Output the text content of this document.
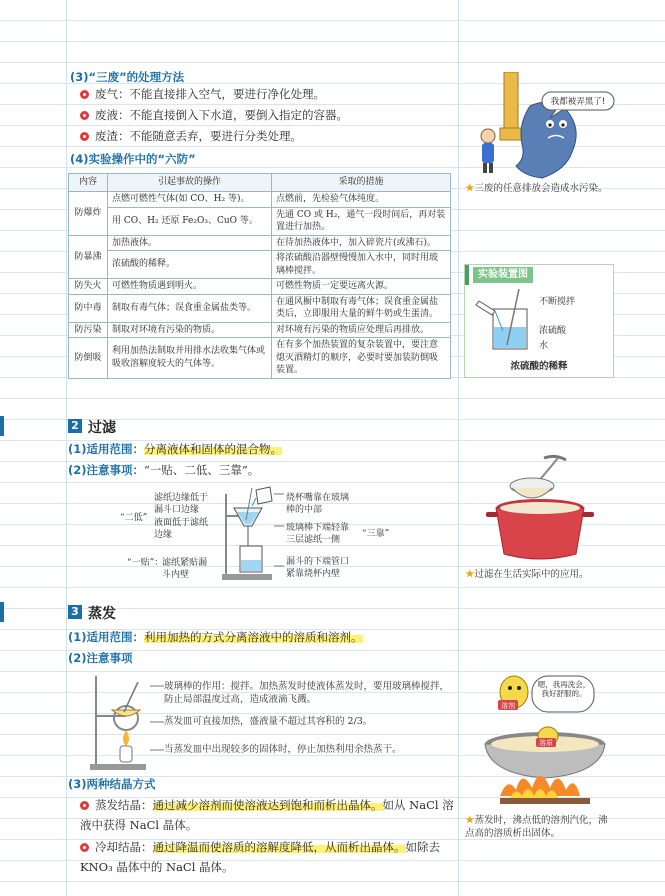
(3)“三废”的处理方法
废气：不能直接排入空气，要进行净化处理。
废液：不能直接倒入下水道，要倒入指定的容器。
废渣：不能随意丢弃，要进行分类处理。
(4)实验操作中的“六防”
内容	引起事故的操作	采取的措施
防爆炸	点燃可燃性气体(如 CO、H₂ 等)。	点燃前，先检验气体纯度。
	用 CO、H₂ 还原 Fe₂O₃、CuO 等。	先通 CO 或 H₂，通气一段时间后，再对装置进行加热。
防暴沸	加热液体。	在待加热液体中，加入碎瓷片(或沸石)。
	浓硫酸的稀释。	将浓硫酸沿器壁慢慢加入水中，同时用玻璃棒搅拌。
防失火	可燃性物质遇到明火。	可燃性物质一定要远离火源。
防中毒	制取有毒气体；误食重金属盐类等。	在通风橱中制取有毒气体；误食重金属盐类后，立即服用大量的鲜牛奶或生蛋清。
防污染	制取对环境有污染的物质。	对环境有污染的物质应处理后再排放。
防倒吸	利用加热法制取并用排水法收集气体或吸收溶解度较大的气体等。	在有多个加热装置的复杂装置中，要注意熄灭酒精灯的顺序，必要时要加装防倒吸装置。
我都被弄黑了!
★三废的任意排放会造成水污染。
实验装置图
不断搅拌
浓硫酸
水
浓硫酸的稀释
2 过滤
(1)适用范围：分离液体和固体的混合物。
(2)注意事项：“一贴、二低、三靠”。
“二低”
滤纸边缘低于漏斗口边缘
液面低于滤纸边缘
“一贴”：
滤纸紧贴漏斗内壁
烧杯嘴靠在玻璃棒的中部
玻璃棒下端轻靠三层滤纸一侧
漏斗的下端管口紧靠烧杯内壁
“三靠”
★过滤在生活实际中的应用。
3 蒸发
(1)适用范围：利用加热的方式分离溶液中的溶质和溶剂。
(2)注意事项
玻璃棒的作用：搅拌。加热蒸发时使液体蒸发时，要用玻璃棒搅拌，防止局部温度过高，造成液滴飞溅。
蒸发皿可直接加热，盛液量不超过其容积的 2/3。
当蒸发皿中出现较多的固体时，停止加热利用余热蒸干。
(3)两种结晶方式
蒸发结晶：通过减少溶剂而使溶液达到饱和而析出晶体。如从 NaCl 溶液中获得 NaCl 晶体。
冷却结晶：通过降温而使溶质的溶解度降低，从而析出晶体。如除去 KNO₃ 晶体中的 NaCl 晶体。
溶剂
嗯，我再洗会，我好舒服的。
溶质
★蒸发时，沸点低的溶剂汽化，沸点高的溶质析出固体。
